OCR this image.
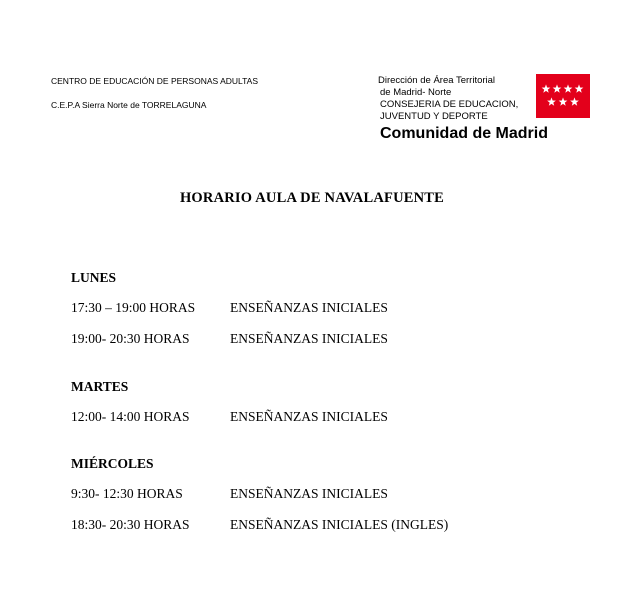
CENTRO DE EDUCACIÓN DE PERSONAS ADULTAS
C.E.P.A Sierra Norte de TORRELAGUNA
Dirección de Área Territorial
de Madrid- Norte
CONSEJERIA DE EDUCACION,
JUVENTUD Y DEPORTE
Comunidad de Madrid
HORARIO AULA DE NAVALAFUENTE
LUNES
17:30 – 19:00 HORAS	ENSEÑANZAS INICIALES
19:00- 20:30 HORAS	ENSEÑANZAS INICIALES
MARTES
12:00- 14:00 HORAS	ENSEÑANZAS INICIALES
MIÉRCOLES
9:30- 12:30 HORAS	ENSEÑANZAS INICIALES
18:30- 20:30 HORAS	ENSEÑANZAS INICIALES (INGLES)
